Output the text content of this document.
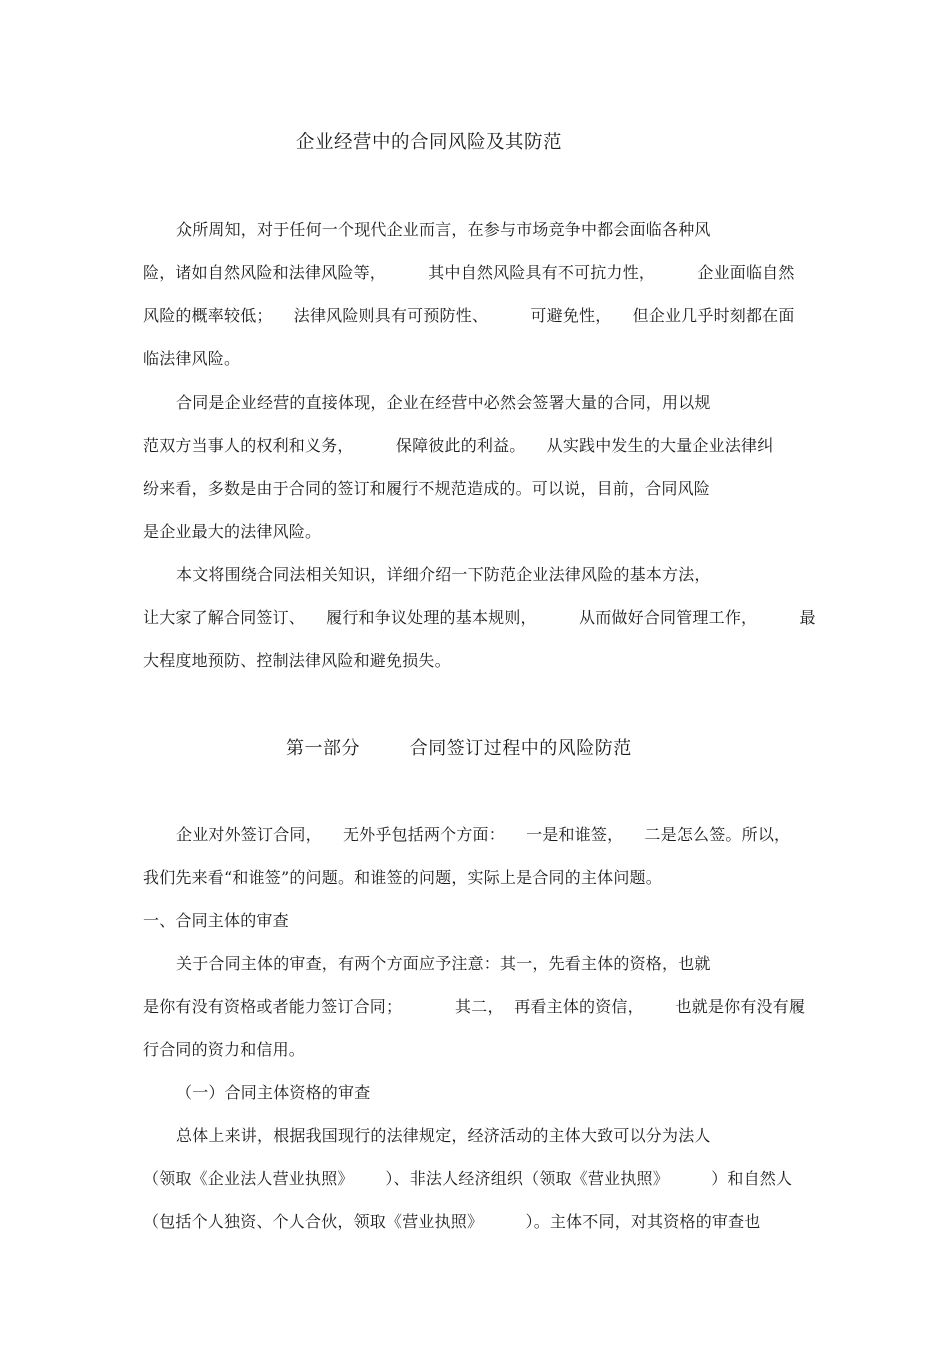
企业经营中的合同风险及其防范
众所周知，对于任何一个现代企业而言，在参与市场竞争中都会面临各种风
险，诸如自然风险和法律风险等，        其中自然风险具有不可抗力性，        企业面临自然
风险的概率较低；    法律风险则具有可预防性、        可避免性，    但企业几乎时刻都在面
临法律风险。
合同是企业经营的直接体现，企业在经营中必然会签署大量的合同，用以规
范双方当事人的权利和义务，        保障彼此的利益。    从实践中发生的大量企业法律纠
纷来看，多数是由于合同的签订和履行不规范造成的。可以说，目前，合同风险
是企业最大的法律风险。
本文将围绕合同法相关知识，详细介绍一下防范企业法律风险的基本方法，
让大家了解合同签订、    履行和争议处理的基本规则，        从而做好合同管理工作，        最
大程度地预防、控制法律风险和避免损失。
第一部分        合同签订过程中的风险防范
企业对外签订合同，    无外乎包括两个方面：    一是和谁签，    二是怎么签。所以，
我们先来看“和谁签”的问题。和谁签的问题，实际上是合同的主体问题。
一、合同主体的审查
关于合同主体的审查，有两个方面应予注意：其一，先看主体的资格，也就
是你有没有资格或者能力签订合同；          其二，  再看主体的资信，      也就是你有没有履
行合同的资力和信用。
（一）合同主体资格的审查
总体上来讲，根据我国现行的法律规定，经济活动的主体大致可以分为法人
（领取《企业法人营业执照》      ）、非法人经济组织（领取《营业执照》        ）和自然人
（包括个人独资、个人合伙，领取《营业执照》        ）。主体不同，对其资格的审查也
